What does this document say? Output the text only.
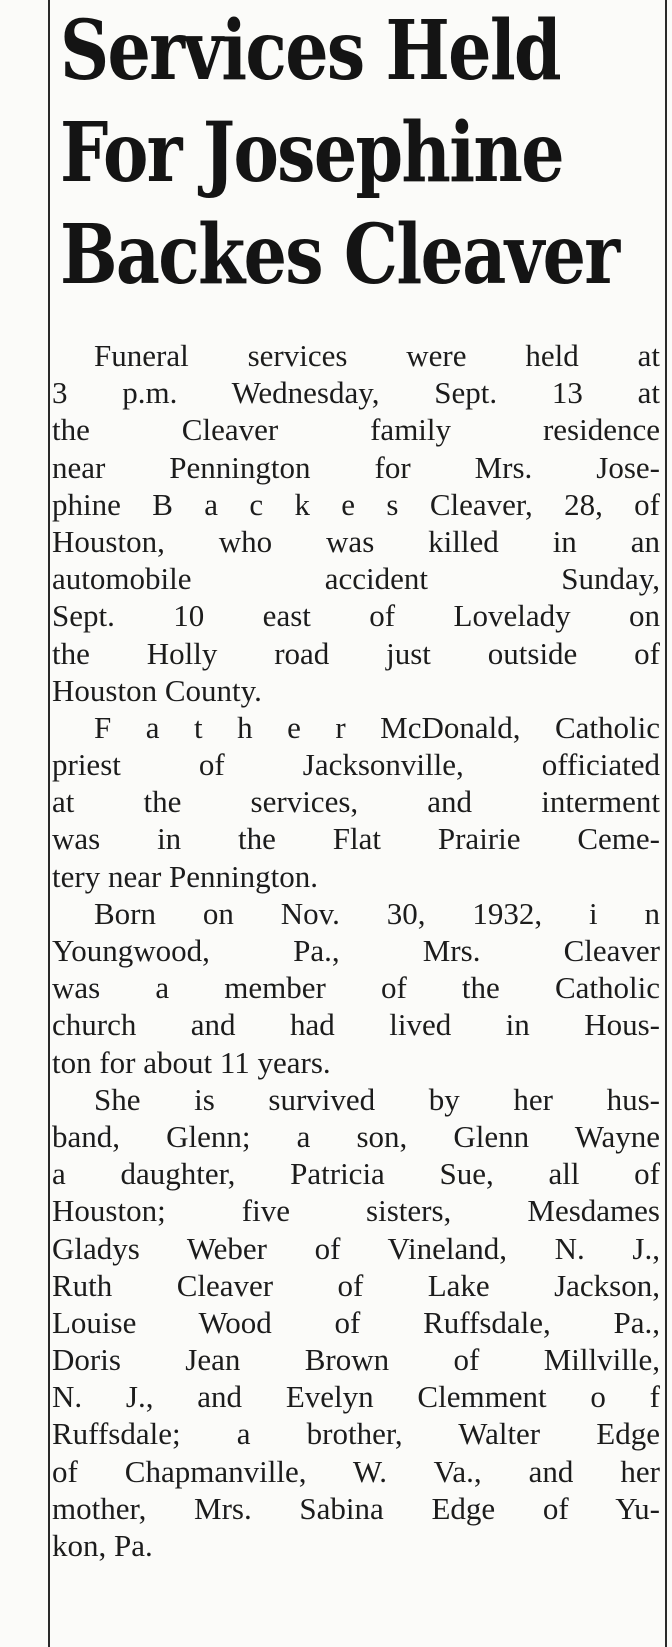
Services Held
For Josephine
Backes Cleaver
Funeral services were held at
3 p.m. Wednesday, Sept. 13 at
the Cleaver family residence
near Pennington for Mrs. Jose-
phine B a c k e s Cleaver, 28, of
Houston, who was killed in an
automobile accident Sunday,
Sept. 10 east of Lovelady on
the Holly road just outside of
Houston County.
F a t h e r McDonald, Catholic
priest of Jacksonville, officiated
at the services, and interment
was in the Flat Prairie Ceme-
tery near Pennington.
Born on Nov. 30, 1932, i n
Youngwood, Pa., Mrs. Cleaver
was a member of the Catholic
church and had lived in Hous-
ton for about 11 years.
She is survived by her hus-
band, Glenn; a son, Glenn Wayne
a daughter, Patricia Sue, all of
Houston; five sisters, Mesdames
Gladys Weber of Vineland, N. J.,
Ruth Cleaver of Lake Jackson,
Louise Wood of Ruffsdale, Pa.,
Doris Jean Brown of Millville,
N. J., and Evelyn Clemment o f
Ruffsdale; a brother, Walter Edge
of Chapmanville, W. Va., and her
mother, Mrs. Sabina Edge of Yu-
kon, Pa.
